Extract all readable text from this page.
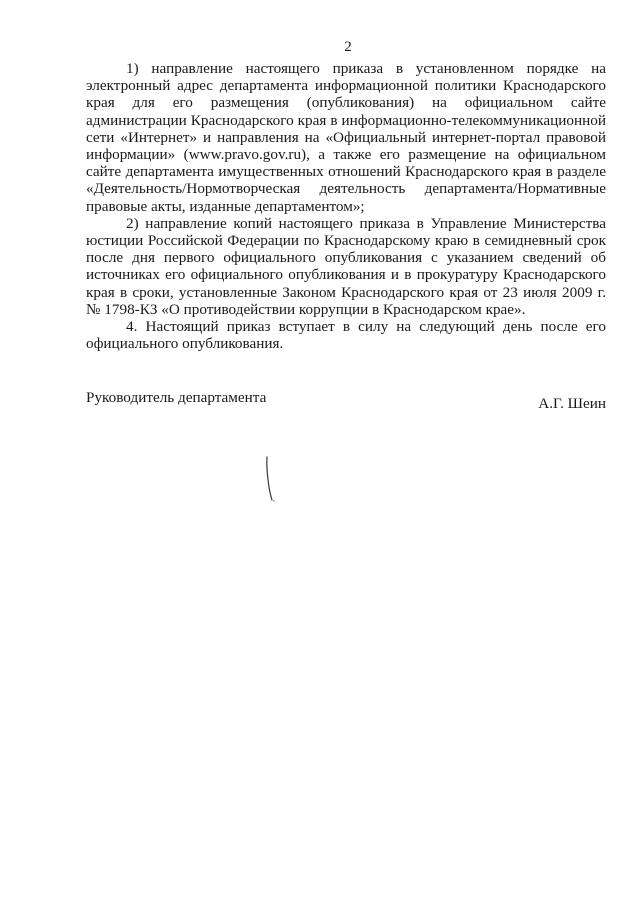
2

1) направление настоящего приказа в установленном порядке на электронный адрес департамента информационной политики Краснодарского края для его размещения (опубликования) на официальном сайте администрации Краснодарского края в информационно-телекоммуникационной сети «Интернет» и направления на «Официальный интернет-портал правовой информации» (www.pravo.gov.ru), а также его размещение на официальном сайте департамента имущественных отношений Краснодарского края в разделе «Деятельность/Нормотворческая деятельность департамента/Нормативные правовые акты, изданные департаментом»;

2) направление копий настоящего приказа в Управление Министерства юстиции Российской Федерации по Краснодарскому краю в семидневный срок после дня первого официального опубликования с указанием сведений об источниках его официального опубликования и в прокуратуру Краснодарского края в сроки, установленные Законом Краснодарского края от 23 июля 2009 г. № 1798-КЗ «О противодействии коррупции в Краснодарском крае».

4. Настоящий приказ вступает в силу на следующий день после его официального опубликования.

Руководитель департамента	А.Г. Шеин
